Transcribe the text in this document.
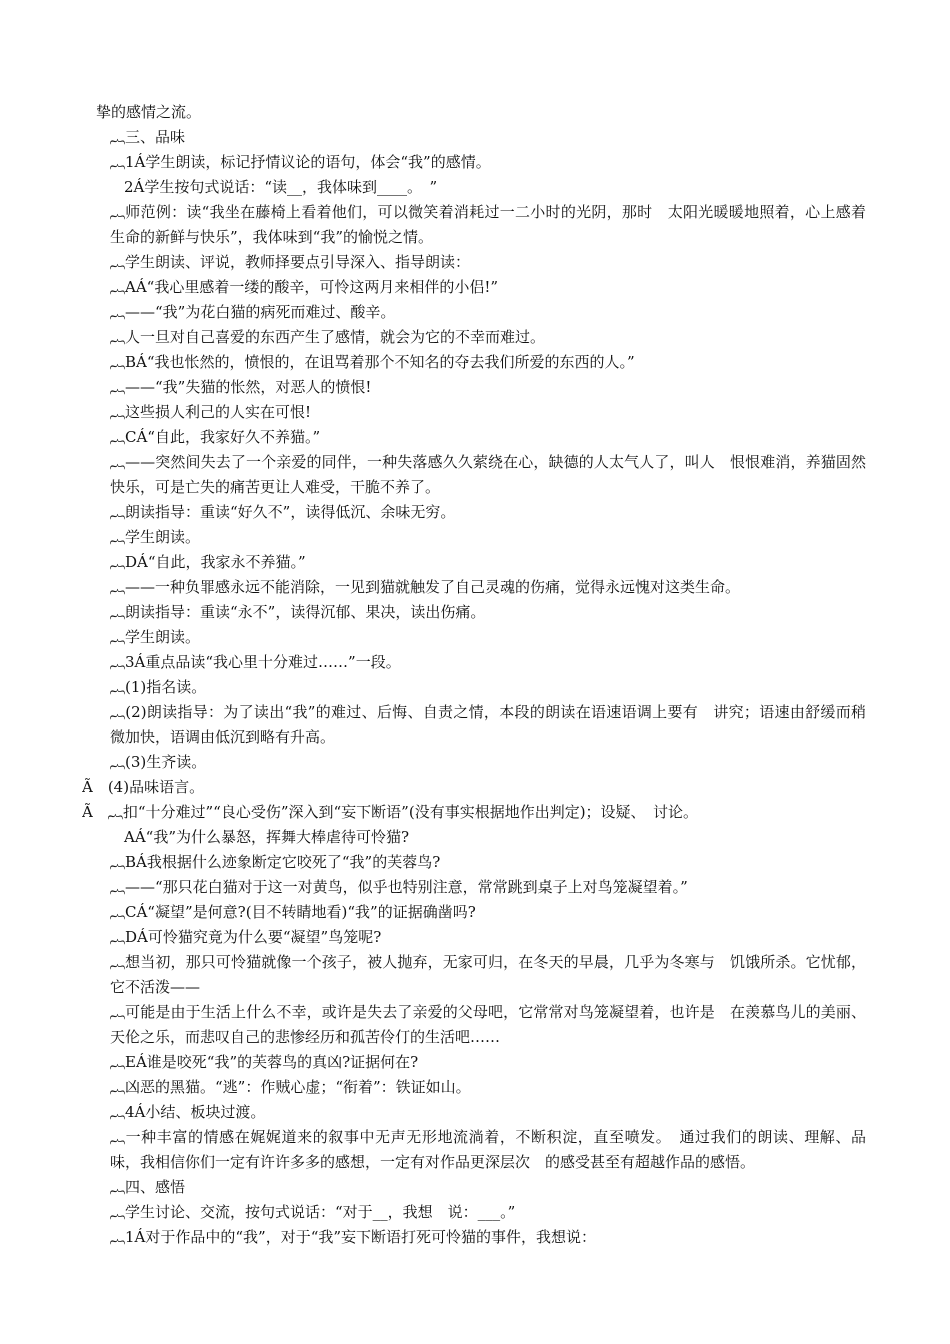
挚的感情之流。
︷三、品味
︷1Á学生朗读，标记抒情议论的语句，体会“我”的感情。
2Á学生按句式说话：“读__，我体味到____。　”
︷师范例：读“我坐在藤椅上看着他们，可以微笑着消耗过一二小时的光阴，那时　太阳光暖暖地照着，心上感着生命的新鲜与快乐”，我体味到“我”的愉悦之情。
︷学生朗读、评说，教师择要点引导深入、指导朗读：
︷AÁ“我心里感着一缕的酸辛，可怜这两月来相伴的小侣!”
︷——“我”为花白猫的病死而难过、酸辛。
︷人一旦对自己喜爱的东西产生了感情，就会为它的不幸而难过。
︷BÁ“我也怅然的，愤恨的，在诅骂着那个不知名的夺去我们所爱的东西的人。”
︷——“我”失猫的怅然，对恶人的愤恨!
︷这些损人利己的人实在可恨!
︷CÁ“自此，我家好久不养猫。”
︷——突然间失去了一个亲爱的同伴，一种失落感久久萦绕在心，缺德的人太气人了，叫人　恨恨难消，养猫固然快乐，可是亡失的痛苦更让人难受，干脆不养了。
︷朗读指导：重读“好久不”，读得低沉、余味无穷。
︷学生朗读。
︷DÁ“自此，我家永不养猫。”
︷——一种负罪感永远不能消除，一见到猫就触发了自己灵魂的伤痛，觉得永远愧对这类生命。
︷朗读指导：重读“永不”，读得沉郁、果决，读出伤痛。
︷学生朗读。
︷3Á重点品读“我心里十分难过……”一段。
︷(1)指名读。
︷(2)朗读指导：为了读出“我”的难过、后悔、自责之情，本段的朗读在语速语调上要有　讲究；语速由舒缓而稍微加快，语调由低沉到略有升高。
︷(3)生齐读。
Ã　(4)品味语言。
Ã　︷扣“十分难过”“良心受伤”深入到“妄下断语”(没有事实根据地作出判定)；设疑、　讨论。
AÁ“我”为什么暴怒，挥舞大棒虐待可怜猫?
︷BÁ我根据什么迹象断定它咬死了“我”的芙蓉鸟?
︷——“那只花白猫对于这一对黄鸟，似乎也特别注意，常常跳到桌子上对鸟笼凝望着。”
︷CÁ“凝望”是何意?(目不转睛地看)“我”的证据确凿吗?
︷DÁ可怜猫究竟为什么要“凝望”鸟笼呢?
︷想当初，那只可怜猫就像一个孩子，被人抛弃，无家可归，在冬天的早晨，几乎为冬寒与　饥饿所杀。它忧郁，它不活泼——
︷可能是由于生活上什么不幸，或许是失去了亲爱的父母吧，它常常对鸟笼凝望着，也许是　在羡慕鸟儿的美丽、天伦之乐，而悲叹自己的悲惨经历和孤苦伶仃的生活吧……
︷EÁ谁是咬死“我”的芙蓉鸟的真凶?证据何在?
︷凶恶的黑猫。“逃”：作贼心虚；“衔着”：铁证如山。
︷4Á小结、板块过渡。
︷一种丰富的情感在娓娓道来的叙事中无声无形地流淌着，不断积淀，直至喷发。　通过我们的朗读、理解、品味，我相信你们一定有许许多多的感想，一定有对作品更深层次　的感受甚至有超越作品的感悟。
︷四、感悟
︷学生讨论、交流，按句式说话：“对于__，我想　说：___。”
︷1Á对于作品中的“我”，对于“我”妄下断语打死可怜猫的事件，我想说：
